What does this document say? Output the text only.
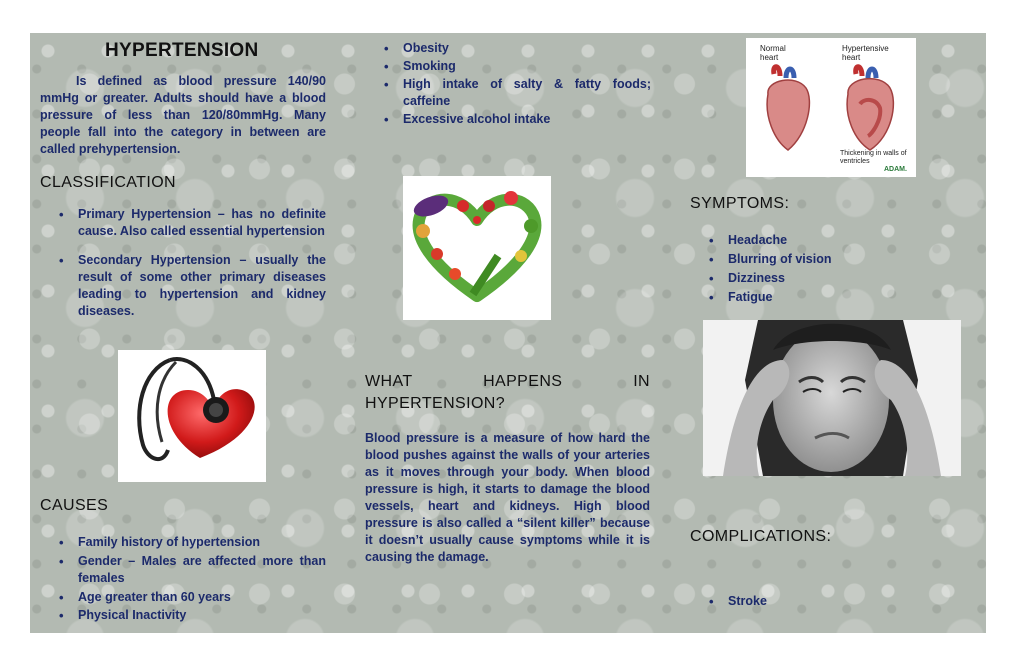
HYPERTENSION
Is defined as blood pressure 140/90 mmHg or greater. Adults should have a blood pressure of less than 120/80mmHg. Many people fall into the category in between are called prehypertension.
CLASSIFICATION
• Primary Hypertension – has no definite cause. Also called essential hypertension
• Secondary Hypertension – usually the result of some other primary diseases leading to hypertension and kidney diseases.
CAUSES
• Family history of hypertension
• Gender – Males are affected more than females
• Age greater than 60 years
• Physical Inactivity
• Obesity
• Smoking
• High intake of salty & fatty foods; caffeine
• Excessive alcohol intake
WHAT HAPPENS IN HYPERTENSION?
Blood pressure is a measure of how hard the blood pushes against the walls of your arteries as it moves through your body. When blood pressure is high, it starts to damage the blood vessels, heart and kidneys. High blood pressure is also called a “silent killer” because it doesn’t usually cause symptoms while it is causing the damage.
Normal heart
Hypertensive heart
Thickening in walls of ventricles
ADAM.
SYMPTOMS:
• Headache
• Blurring of vision
• Dizziness
• Fatigue
COMPLICATIONS:
• Stroke
